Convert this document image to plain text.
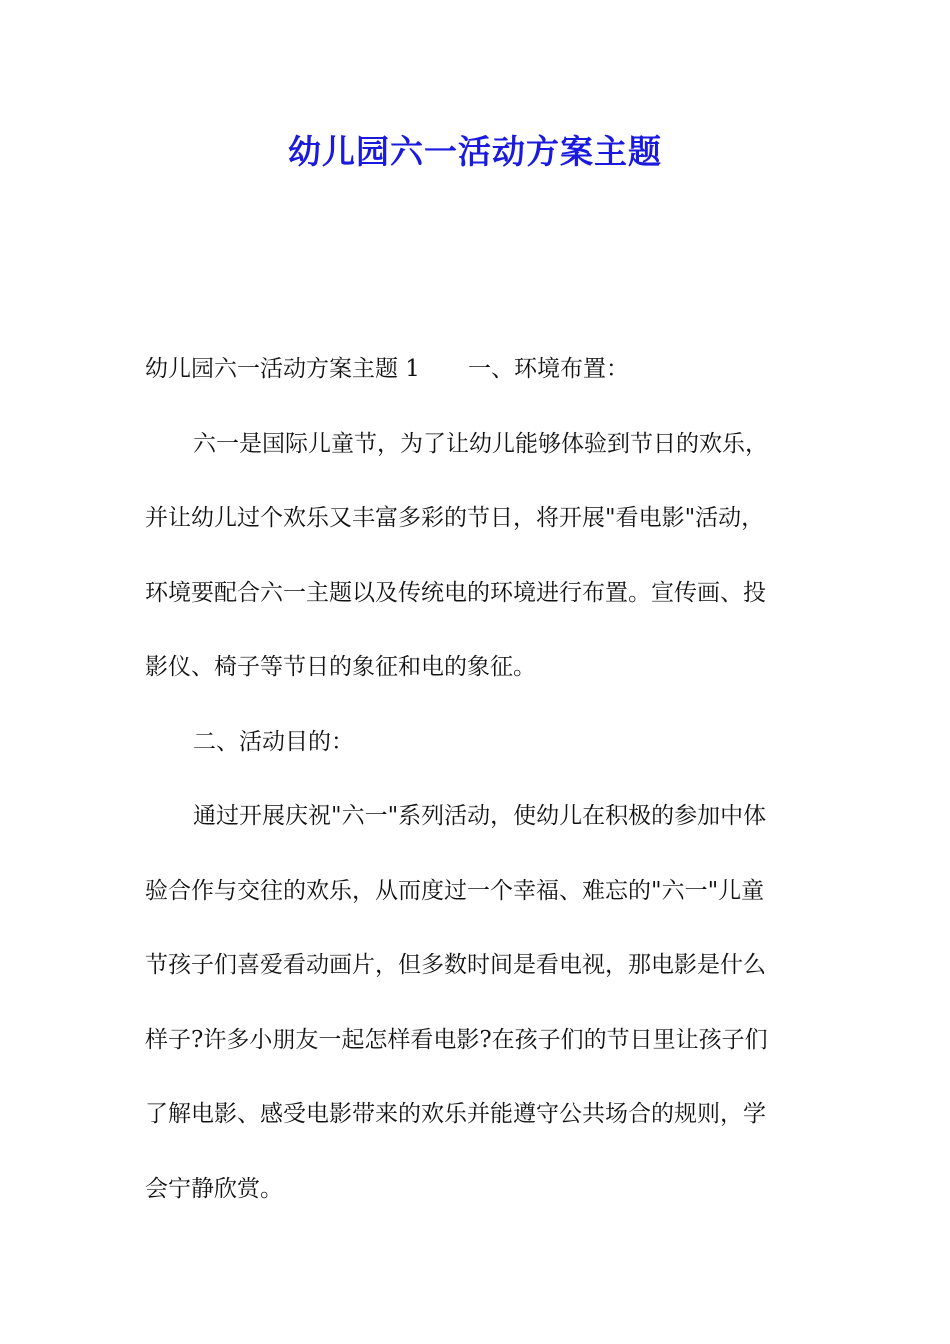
幼儿园六一活动方案主题
幼儿园六一活动方案主题 1 一、环境布置：
六一是国际儿童节，为了让幼儿能够体验到节日的欢乐，
并让幼儿过个欢乐又丰富多彩的节日，将开展"看电影"活动，
环境要配合六一主题以及传统电的环境进行布置。宣传画、投
影仪、椅子等节日的象征和电的象征。
二、活动目的：
通过开展庆祝"六一"系列活动，使幼儿在积极的参加中体
验合作与交往的欢乐，从而度过一个幸福、难忘的"六一"儿童
节孩子们喜爱看动画片，但多数时间是看电视，那电影是什么
样子?许多小朋友一起怎样看电影?在孩子们的节日里让孩子们
了解电影、感受电影带来的欢乐并能遵守公共场合的规则，学
会宁静欣赏。
